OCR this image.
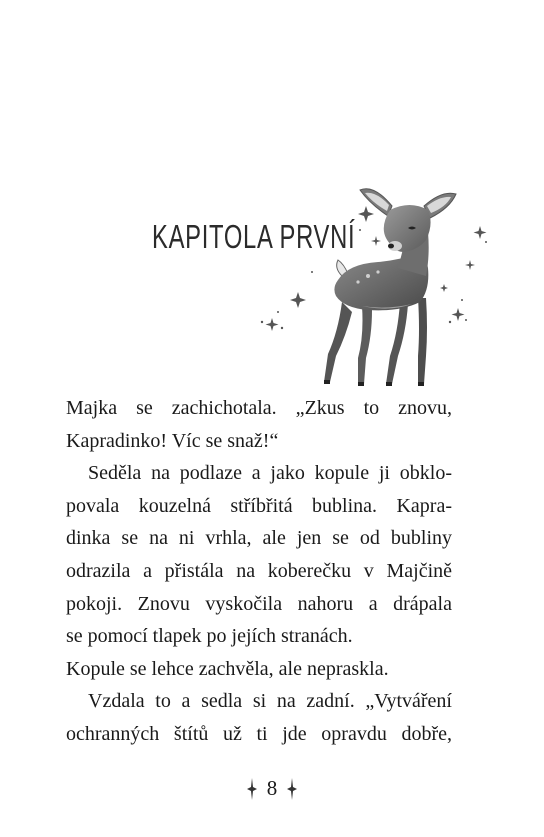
KAPITOLA PRVNÍ
Majka se zachichotala. „Zkus to znovu,
Kapradinko! Víc se snaž!“
Seděla na podlaze a jako kopule ji obklo-
povala kouzelná stříbřitá bublina. Kapra-
dinka se na ni vrhla, ale jen se od bubliny
odrazila a přistála na koberečku v Majčině
pokoji. Znovu vyskočila nahoru a drápala
se pomocí tlapek po jejích stranách.
Kopule se lehce zachvěla, ale nepraskla.
Vzdala to a sedla si na zadní. „Vytváření
ochranných štítů už ti jde opravdu dobře,
8
